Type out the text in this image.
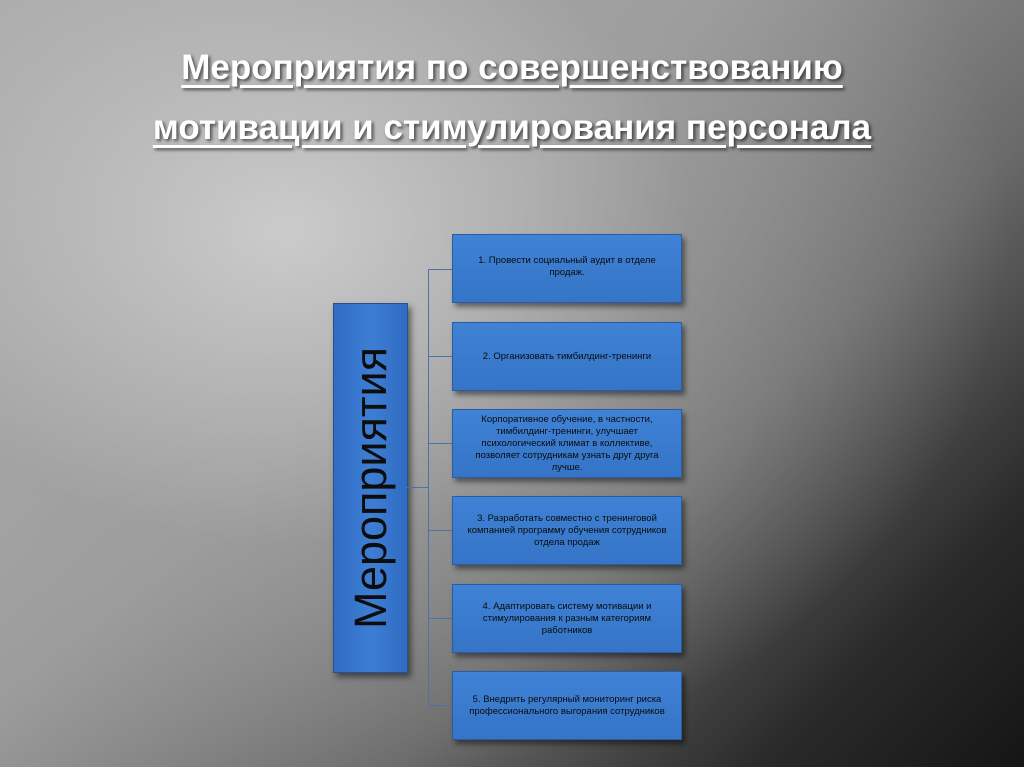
Мероприятия по совершенствованию
мотивации и стимулирования персонала
Мероприятия
1. Провести социальный аудит в отделе продаж.
2. Организовать тимбилдинг-тренинги
Корпоративное обучение, в частности, тимбилдинг-тренинги, улучшает психологический климат в коллективе, позволяет сотрудникам узнать друг друга лучше.
3. Разработать совместно с тренинговой компанией программу обучения сотрудников отдела продаж
4. Адаптировать систему мотивации и стимулирования к разным категориям работников
5. Внедрить регулярный мониторинг риска профессионального выгорания сотрудников
